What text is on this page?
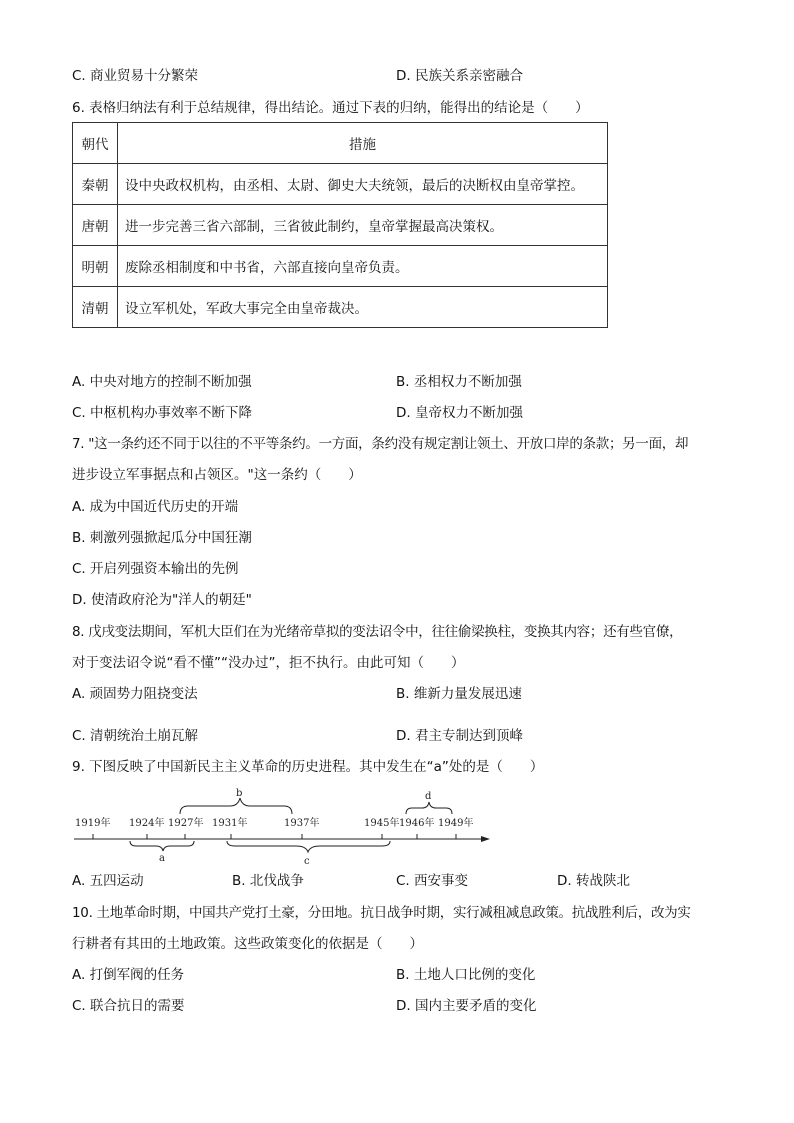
C. 商业贸易十分繁荣	D. 民族关系亲密融合
6. 表格归纳法有利于总结规律，得出结论。通过下表的归纳，能得出的结论是（　　）
朝代	措施
秦朝	设中央政权机构，由丞相、太尉、御史大夫统领，最后的决断权由皇帝掌控。
唐朝	进一步完善三省六部制，三省彼此制约，皇帝掌握最高决策权。
明朝	废除丞相制度和中书省，六部直接向皇帝负责。
清朝	设立军机处，军政大事完全由皇帝裁决。
A. 中央对地方的控制不断加强	B. 丞相权力不断加强
C. 中枢机构办事效率不断下降	D. 皇帝权力不断加强
7. "这一条约还不同于以往的不平等条约。一方面，条约没有规定割让领土、开放口岸的条款；另一面，却
进步设立军事据点和占领区。"这一条约（　　）
A. 成为中国近代历史的开端
B. 刺激列强掀起瓜分中国狂潮
C. 开启列强资本输出的先例
D. 使清政府沦为"洋人的朝廷"
8. 戊戌变法期间，军机大臣们在为光绪帝草拟的变法诏令中，往往偷梁换柱，变换其内容；还有些官僚，
对于变法诏令说“看不懂”“没办过”，拒不执行。由此可知（　　）
A. 顽固势力阻挠变法	B. 维新力量发展迅速
C. 清朝统治土崩瓦解	D. 君主专制达到顶峰
9. 下图反映了中国新民主主义革命的历史进程。其中发生在“a”处的是（　　）
1919年 1924年 1927年 1931年	1937年	1945年 1946年 1949年
b	d
a	c
A. 五四运动	B. 北伐战争	C. 西安事变	D. 转战陕北
10. 土地革命时期，中国共产党打土豪，分田地。抗日战争时期，实行减租减息政策。抗战胜利后，改为实
行耕者有其田的土地政策。这些政策变化的依据是（　　）
A. 打倒军阀的任务	B. 土地人口比例的变化
C. 联合抗日的需要	D. 国内主要矛盾的变化
